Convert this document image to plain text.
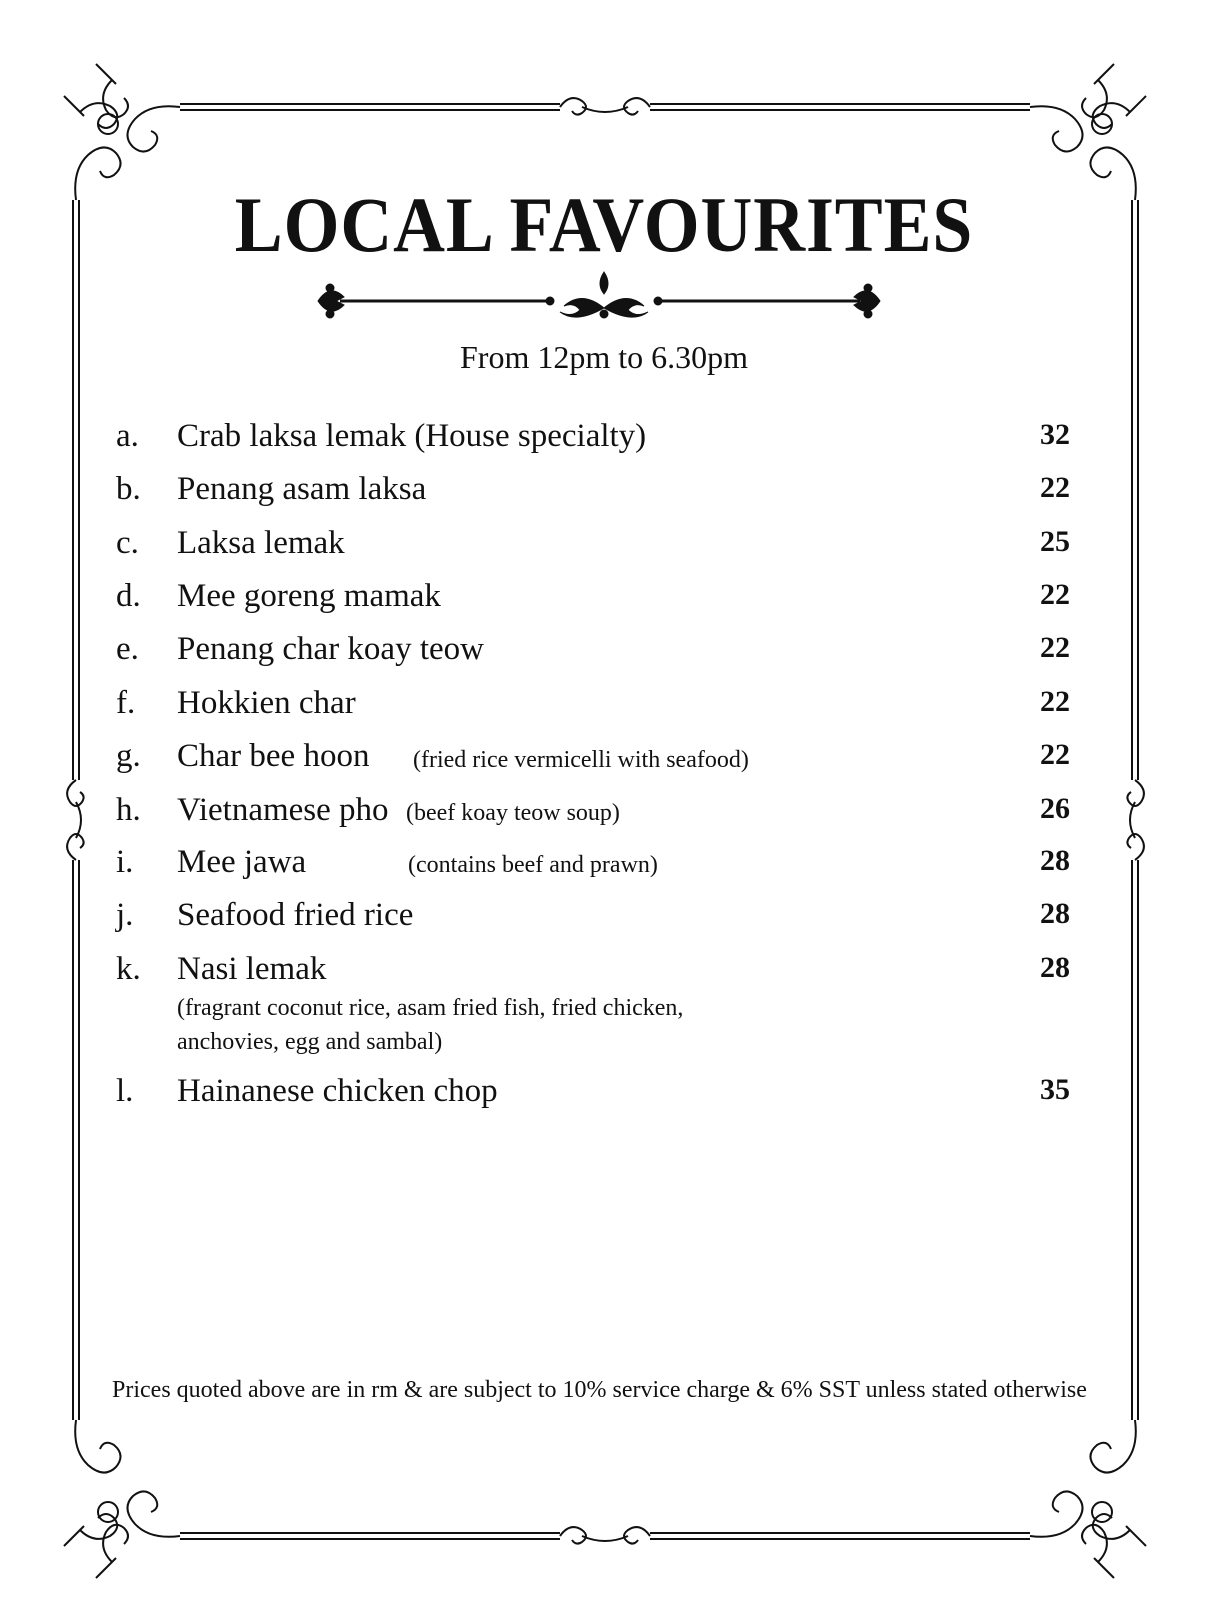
LOCAL FAVOURITES
From 12pm to 6.30pm
a. Crab laksa lemak (House specialty)	32
b. Penang asam laksa	22
c. Laksa lemak	25
d. Mee goreng mamak	22
e. Penang char koay teow	22
f. Hokkien char	22
g. Char bee hoon (fried rice vermicelli with seafood)	22
h. Vietnamese pho (beef koay teow soup)	26
i. Mee jawa	(contains beef and prawn)	28
j. Seafood fried rice	28
k. Nasi lemak	28
(fragrant coconut rice, asam fried fish, fried chicken,
anchovies, egg and sambal)
l. Hainanese chicken chop	35
Prices quoted above are in rm & are subject to 10% service charge & 6% SST unless stated otherwise
